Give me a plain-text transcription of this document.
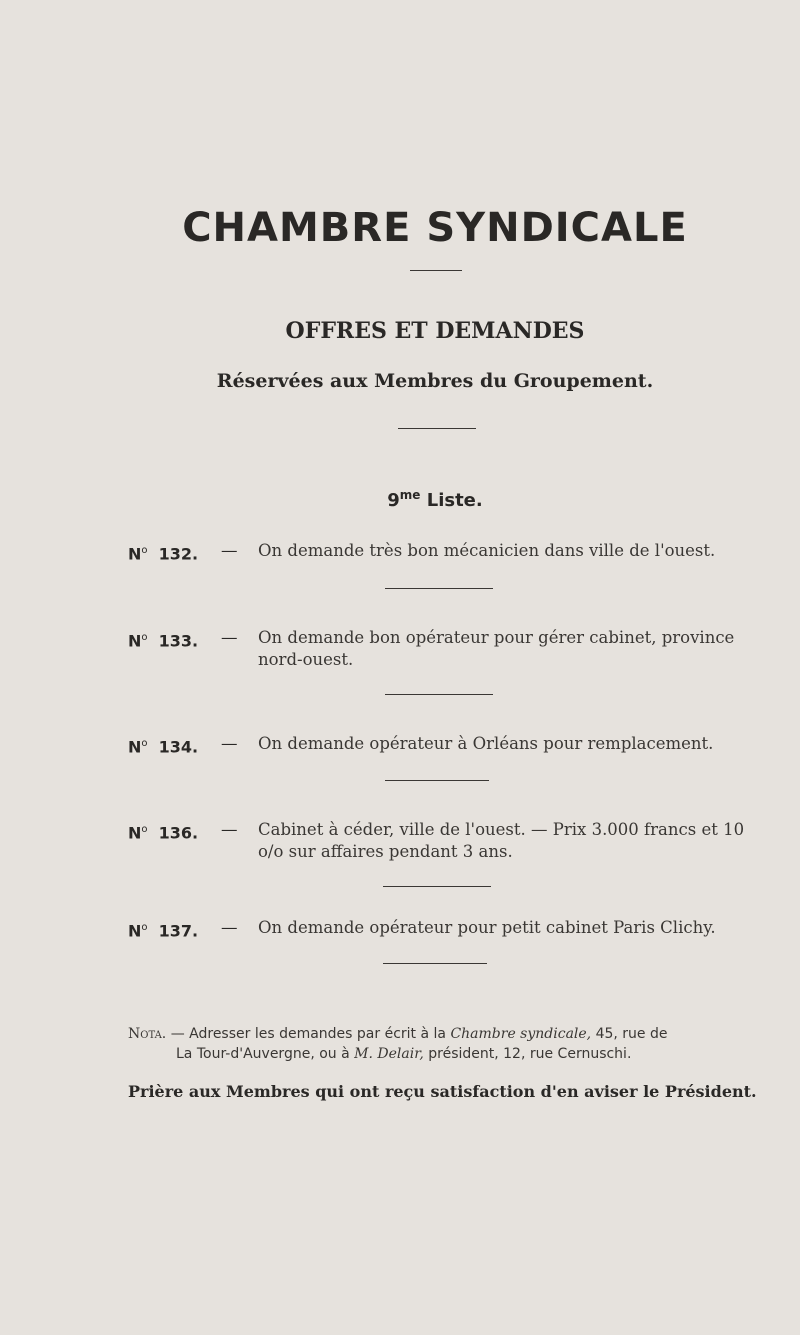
CHAMBRE SYNDICALE
OFFRES ET DEMANDES
Réservées aux Membres du Groupement.
$9^{me}$ Liste.
$N^o$ 132. — On demande très bon mécanicien dans ville de l'ouest.
$N^o$ 133. — On demande bon opérateur pour gérer cabinet, province nord-ouest.
$N^o$ 134. — On demande opérateur à Orléans pour remplacement.
$N^o$ 136. — Cabinet à céder, ville de l'ouest. — Prix 3.000 francs et 10 o/o sur affaires pendant 3 ans.
$N^o$ 137. — On demande opérateur pour petit cabinet Paris Clichy.
Nota. — Adresser les demandes par écrit à la Chambre syndicale, 45, rue de
La Tour-d'Auvergne, ou à M. Delair, président, 12, rue Cernuschi.
Prière aux Membres qui ont reçu satisfaction d'en aviser le Président.
